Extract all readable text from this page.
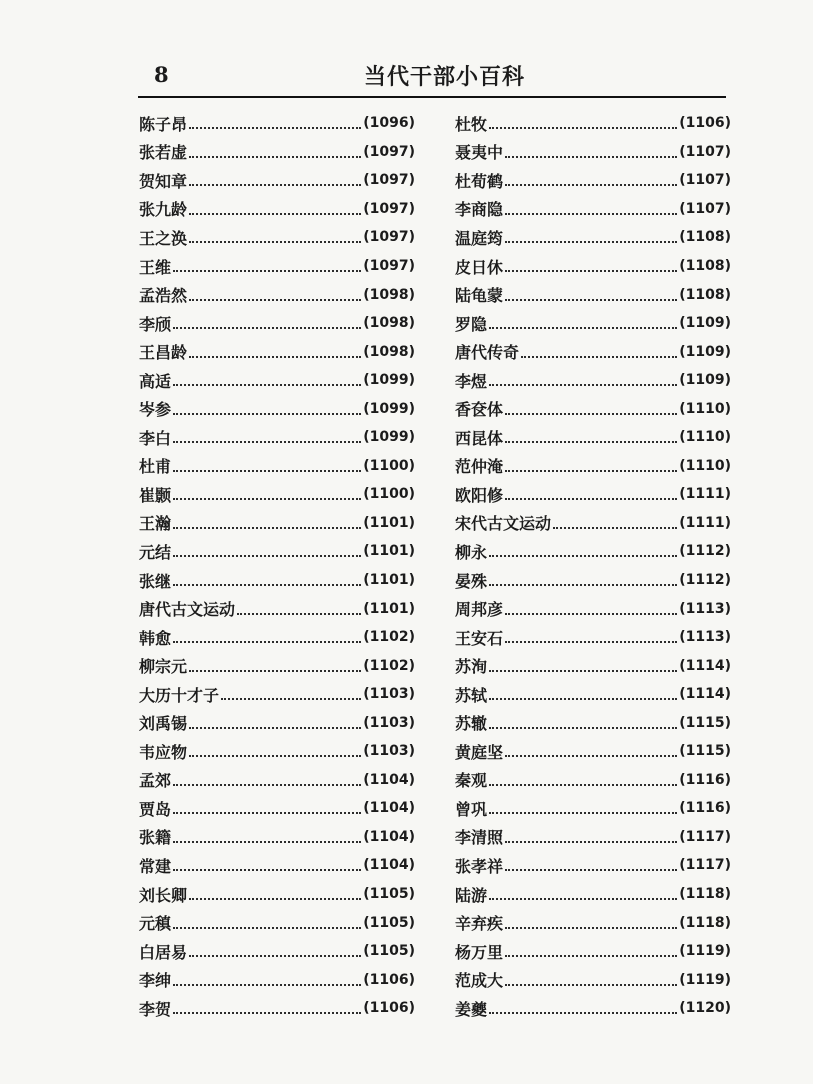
8	当代干部小百科
陈子昂	(1096)
张若虚	(1097)
贺知章	(1097)
张九龄	(1097)
王之涣	(1097)
王维	(1097)
孟浩然	(1098)
李颀	(1098)
王昌龄	(1098)
高适	(1099)
岑参	(1099)
李白	(1099)
杜甫	(1100)
崔颢	(1100)
王瀚	(1101)
元结	(1101)
张继	(1101)
唐代古文运动	(1101)
韩愈	(1102)
柳宗元	(1102)
大历十才子	(1103)
刘禹锡	(1103)
韦应物	(1103)
孟郊	(1104)
贾岛	(1104)
张籍	(1104)
常建	(1104)
刘长卿	(1105)
元稹	(1105)
白居易	(1105)
李绅	(1106)
李贺	(1106)
杜牧	(1106)
聂夷中	(1107)
杜荀鹤	(1107)
李商隐	(1107)
温庭筠	(1108)
皮日休	(1108)
陆龟蒙	(1108)
罗隐	(1109)
唐代传奇	(1109)
李煜	(1109)
香奁体	(1110)
西昆体	(1110)
范仲淹	(1110)
欧阳修	(1111)
宋代古文运动	(1111)
柳永	(1112)
晏殊	(1112)
周邦彦	(1113)
王安石	(1113)
苏洵	(1114)
苏轼	(1114)
苏辙	(1115)
黄庭坚	(1115)
秦观	(1116)
曾巩	(1116)
李清照	(1117)
张孝祥	(1117)
陆游	(1118)
辛弃疾	(1118)
杨万里	(1119)
范成大	(1119)
姜夔	(1120)
